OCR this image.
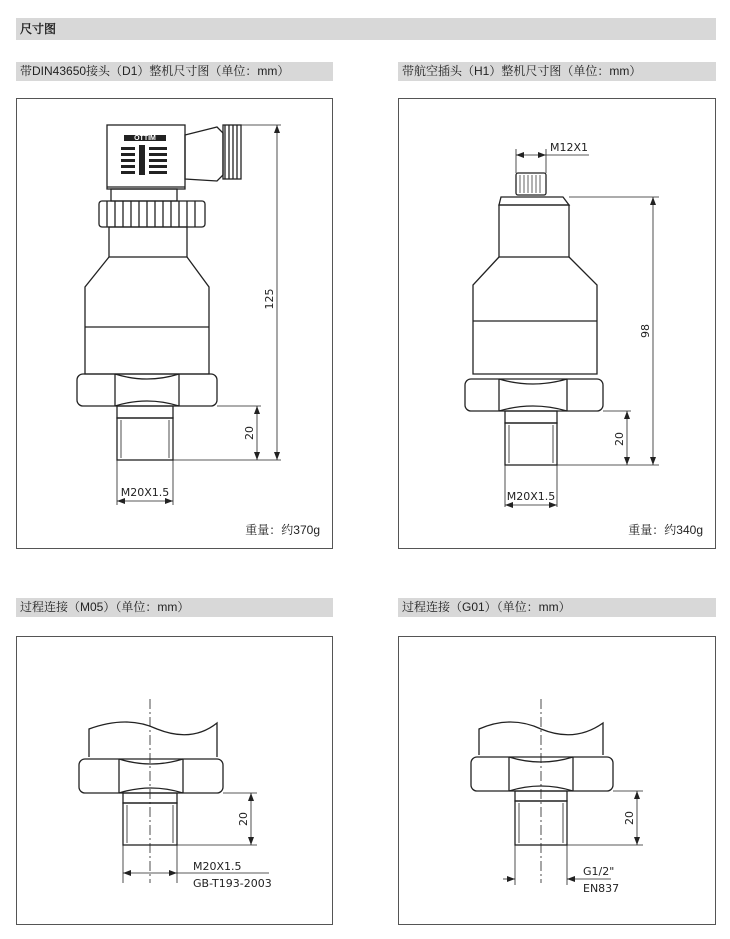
尺寸图
带DIN43650接头（D1）整机尺寸图（单位：mm）	带航空插头（H1）整机尺寸图（单位：mm）
过程连接（M05）（单位：mm）	过程连接（G01）（单位：mm）
OTTIM
125
20
M20X1.5
重量：约370g
M12X1
98
20
M20X1.5
重量：约340g
20
M20X1.5
GB-T193-2003
20
G1/2"
EN837
